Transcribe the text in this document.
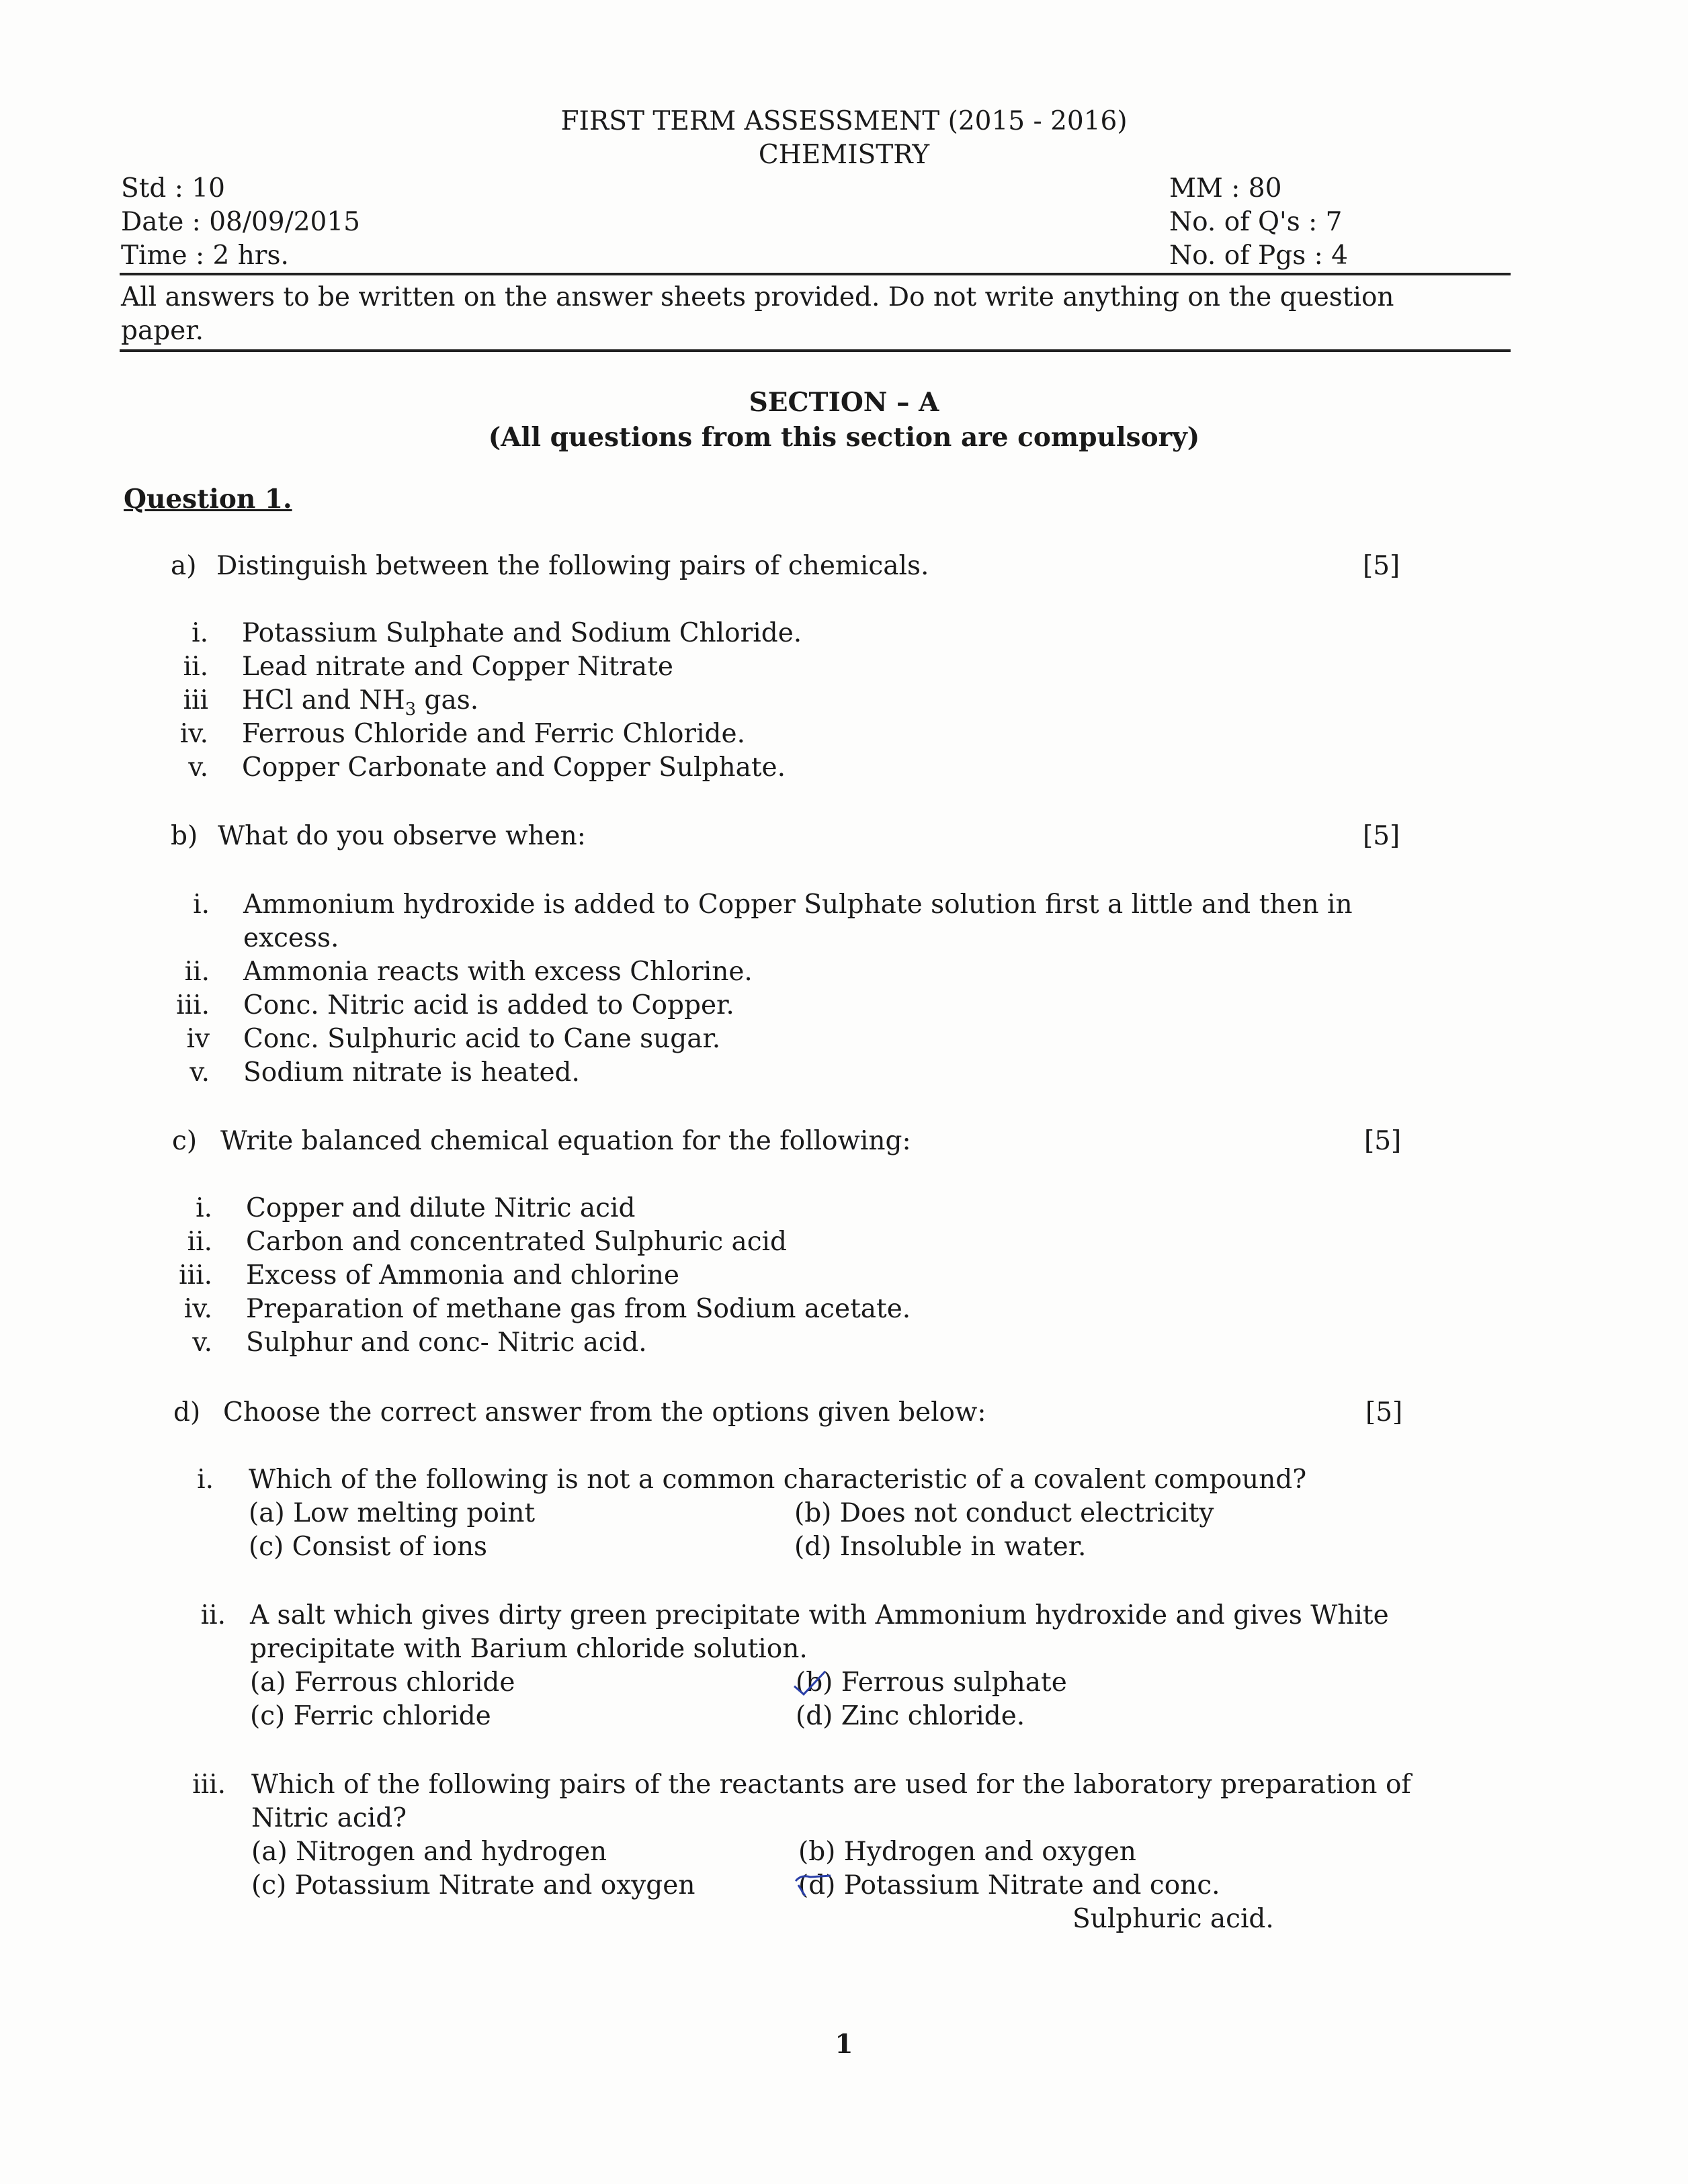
FIRST TERM ASSESSMENT (2015 - 2016)
CHEMISTRY
Std : 10
Date : 08/09/2015
Time : 2 hrs.
MM : 80
No. of Q's : 7
No. of Pgs : 4
All answers to be written on the answer sheets provided. Do not write anything on the question
paper.
SECTION – A
(All questions from this section are compulsory)
Question 1.
a) Distinguish between the following pairs of chemicals.	[5]
i. Potassium Sulphate and Sodium Chloride.
ii. Lead nitrate and Copper Nitrate
iii HCl and $NH_3$ gas.
iv. Ferrous Chloride and Ferric Chloride.
v. Copper Carbonate and Copper Sulphate.
b) What do you observe when:	[5]
i. Ammonium hydroxide is added to Copper Sulphate solution first a little and then in
excess.
ii. Ammonia reacts with excess Chlorine.
iii. Conc. Nitric acid is added to Copper.
iv Conc. Sulphuric acid to Cane sugar.
v. Sodium nitrate is heated.
c) Write balanced chemical equation for the following:	[5]
i. Copper and dilute Nitric acid
ii. Carbon and concentrated Sulphuric acid
iii. Excess of Ammonia and chlorine
iv. Preparation of methane gas from Sodium acetate.
v. Sulphur and conc- Nitric acid.
d) Choose the correct answer from the options given below:	[5]
i. Which of the following is not a common characteristic of a covalent compound?
(a) Low melting point	(b) Does not conduct electricity
(c) Consist of ions	(d) Insoluble in water.
ii. A salt which gives dirty green precipitate with Ammonium hydroxide and gives White
precipitate with Barium chloride solution.
(a) Ferrous chloride	(b) Ferrous sulphate
(c) Ferric chloride	(d) Zinc chloride.
iii. Which of the following pairs of the reactants are used for the laboratory preparation of
Nitric acid?
(a) Nitrogen and hydrogen	(b) Hydrogen and oxygen
(c) Potassium Nitrate and oxygen	(d) Potassium Nitrate and conc.
Sulphuric acid.
1
